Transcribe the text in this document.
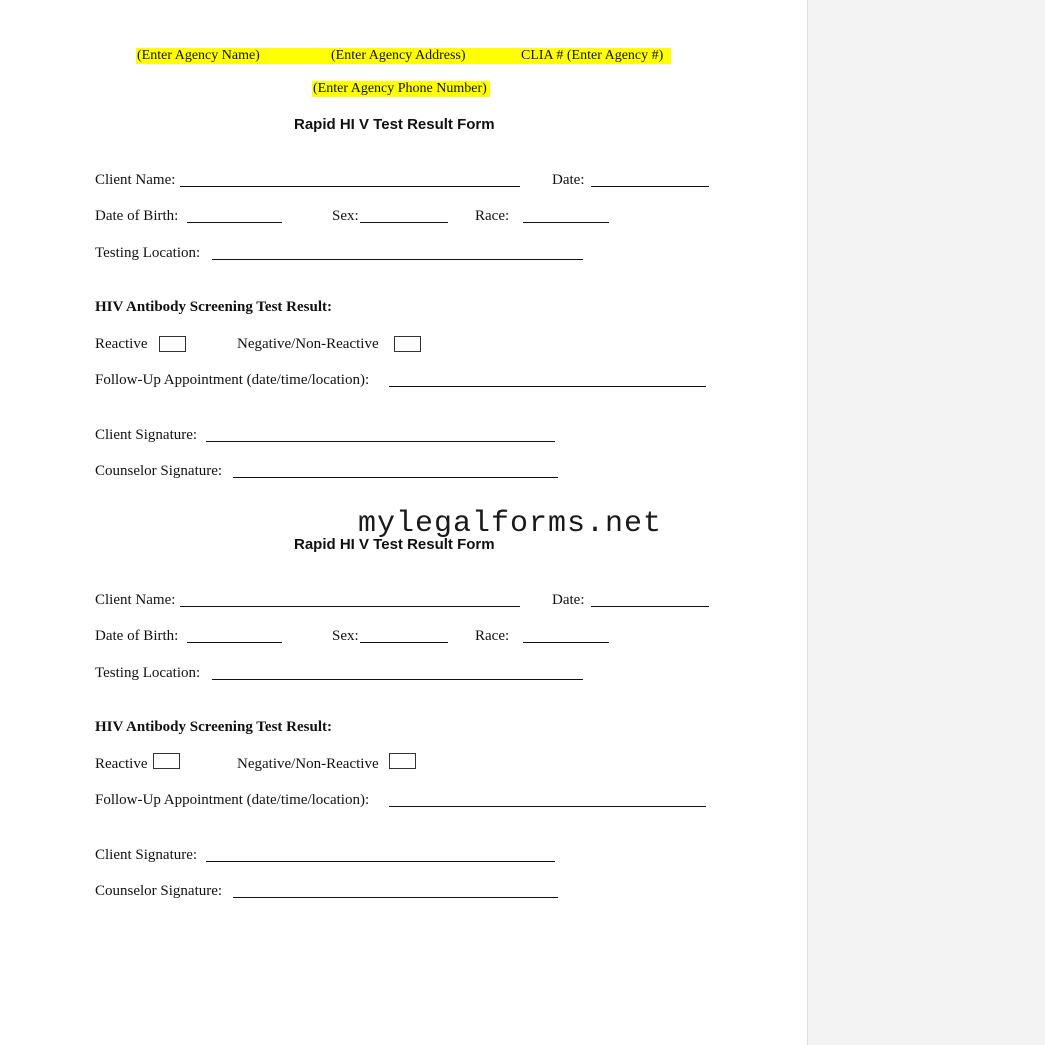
(Enter Agency Name)	(Enter Agency Address)	CLIA # (Enter Agency #)
(Enter Agency Phone Number)
Rapid HI V Test Result Form
Client Name:	Date:
Date of Birth:	Sex:	Race:
Testing Location:
HIV Antibody Screening Test Result:
Reactive	Negative/Non-Reactive
Follow-Up Appointment (date/time/location):
Client Signature:
Counselor Signature:
mylegalforms.net
Rapid HI V Test Result Form
Client Name:	Date:
Date of Birth:	Sex:	Race:
Testing Location:
HIV Antibody Screening Test Result:
Reactive	Negative/Non-Reactive
Follow-Up Appointment (date/time/location):
Client Signature:
Counselor Signature:
